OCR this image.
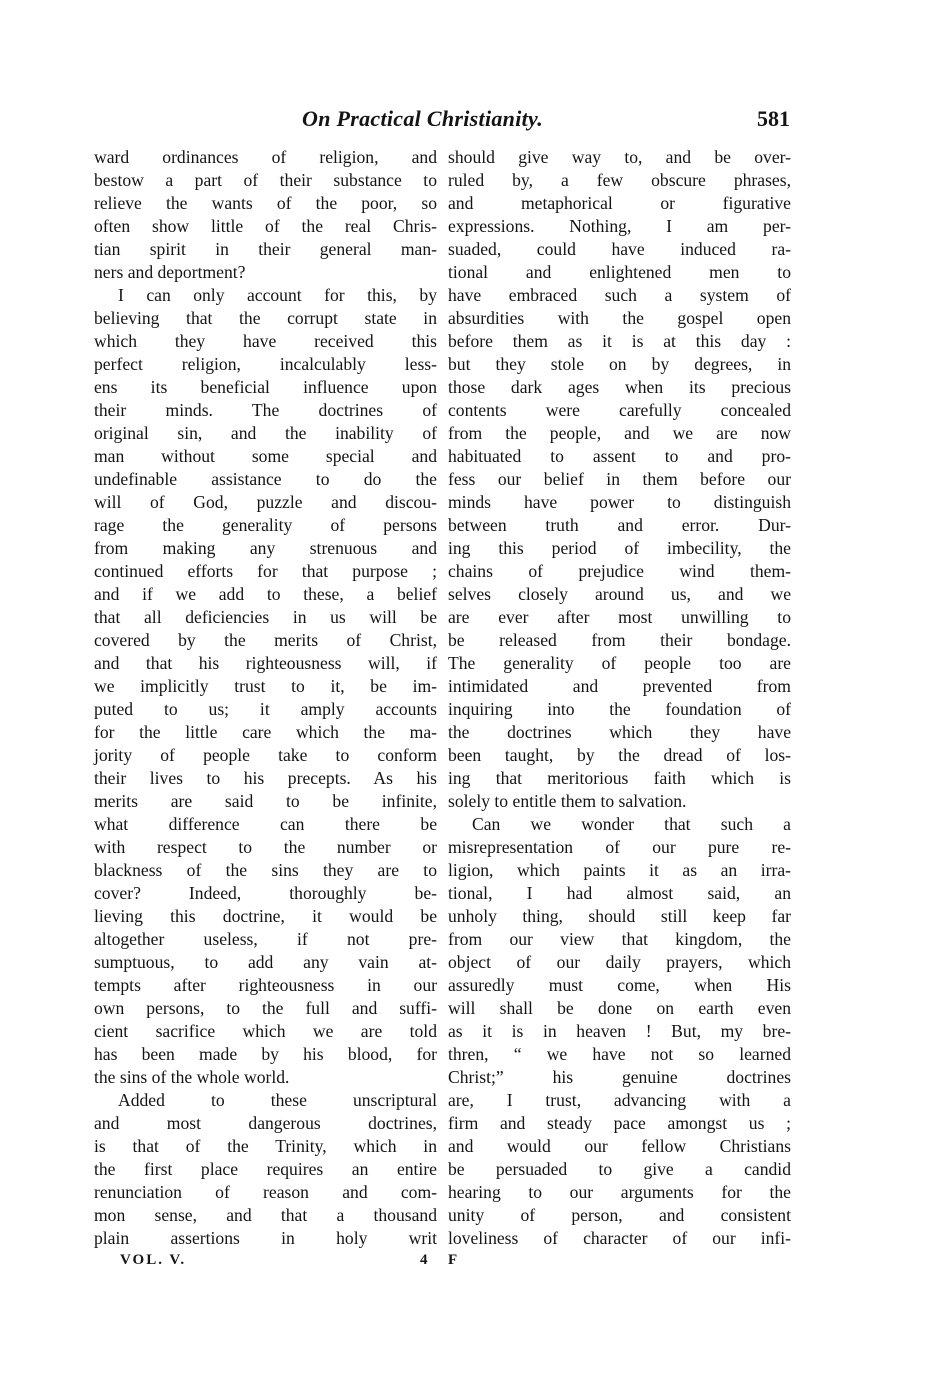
On Practical Christianity.	581
ward ordinances of religion, and
bestow a part of their substance to
relieve the wants of the poor, so
often show little of the real Chris-
tian spirit in their general man-
ners and deportment?
I can only account for this, by
believing that the corrupt state in
which they have received this
perfect religion, incalculably less-
ens its beneficial influence upon
their minds. The doctrines of
original sin, and the inability of
man without some special and
undefinable assistance to do the
will of God, puzzle and discou-
rage the generality of persons
from making any strenuous and
continued efforts for that purpose ;
and if we add to these, a belief
that all deficiencies in us will be
covered by the merits of Christ,
and that his righteousness will, if
we implicitly trust to it, be im-
puted to us; it amply accounts
for the little care which the ma-
jority of people take to conform
their lives to his precepts. As his
merits are said to be infinite,
what difference can there be
with respect to the number or
blackness of the sins they are to
cover? Indeed, thoroughly be-
lieving this doctrine, it would be
altogether useless, if not pre-
sumptuous, to add any vain at-
tempts after righteousness in our
own persons, to the full and suffi-
cient sacrifice which we are told
has been made by his blood, for
the sins of the whole world.
Added to these unscriptural
and most dangerous doctrines,
is that of the Trinity, which in
the first place requires an entire
renunciation of reason and com-
mon sense, and that a thousand
plain assertions in holy writ
should give way to, and be over-
ruled by, a few obscure phrases,
and metaphorical or figurative
expressions. Nothing, I am per-
suaded, could have induced ra-
tional and enlightened men to
have embraced such a system of
absurdities with the gospel open
before them as it is at this day :
but they stole on by degrees, in
those dark ages when its precious
contents were carefully concealed
from the people, and we are now
habituated to assent to and pro-
fess our belief in them before our
minds have power to distinguish
between truth and error. Dur-
ing this period of imbecility, the
chains of prejudice wind them-
selves closely around us, and we
are ever after most unwilling to
be released from their bondage.
The generality of people too are
intimidated and prevented from
inquiring into the foundation of
the doctrines which they have
been taught, by the dread of los-
ing that meritorious faith which is
solely to entitle them to salvation.
Can we wonder that such a
misrepresentation of our pure re-
ligion, which paints it as an irra-
tional, I had almost said, an
unholy thing, should still keep far
from our view that kingdom, the
object of our daily prayers, which
assuredly must come, when His
will shall be done on earth even
as it is in heaven ! But, my bre-
thren, “ we have not so learned
Christ;” his genuine doctrines
are, I trust, advancing with a
firm and steady pace amongst us ;
and would our fellow Christians
be persuaded to give a candid
hearing to our arguments for the
unity of person, and consistent
loveliness of character of our infi-
VOL. V.	4 F
